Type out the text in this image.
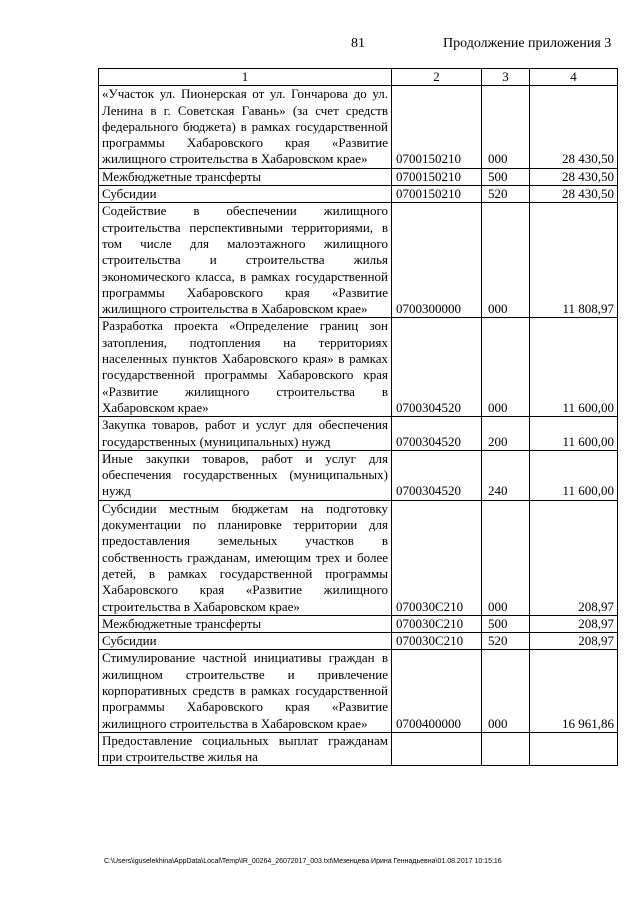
81	Продолжение приложения 3
1	2	3	4
«Участок ул. Пионерская от ул. Гончарова до ул. Ленина в г. Советская Гавань» (за счет средств федерального бюджета) в рамках государственной программы Хабаровского края «Развитие жилищного строительства в Хабаровском крае»	0700150210	000	28 430,50
Межбюджетные трансферты	0700150210	500	28 430,50
Субсидии	0700150210	520	28 430,50
Содействие в обеспечении жилищного строительства перспективными территориями, в том числе для малоэтажного жилищного строительства и строительства жилья экономического класса, в рамках государственной программы Хабаровского края «Развитие жилищного строительства в Хабаровском крае»	0700300000	000	11 808,97
Разработка проекта «Определение границ зон затопления, подтопления на территориях населенных пунктов Хабаровского края» в рамках государственной программы Хабаровского края «Развитие жилищного строительства в Хабаровском крае»	0700304520	000	11 600,00
Закупка товаров, работ и услуг для обеспечения государственных (муниципальных) нужд	0700304520	200	11 600,00
Иные закупки товаров, работ и услуг для обеспечения государственных (муниципальных) нужд	0700304520	240	11 600,00
Субсидии местным бюджетам на подготовку документации по планировке территории для предоставления земельных участков в собственность гражданам, имеющим трех и более детей, в рамках государственной программы Хабаровского края «Развитие жилищного строительства в Хабаровском крае»	070030С210	000	208,97
Межбюджетные трансферты	070030С210	500	208,97
Субсидии	070030С210	520	208,97
Стимулирование частной инициативы граждан в жилищном строительстве и привлечение корпоративных средств в рамках государственной программы Хабаровского края «Развитие жилищного строительства в Хабаровском крае»	0700400000	000	16 961,86
Предоставление социальных выплат гражданам при строительстве жилья на			
C:\Users\iguselekhina\AppData\Local\Temp\IR_00264_26072017_003.txt\Мезенцева Ирина Геннадьевна\01.08.2017 10:15:16
